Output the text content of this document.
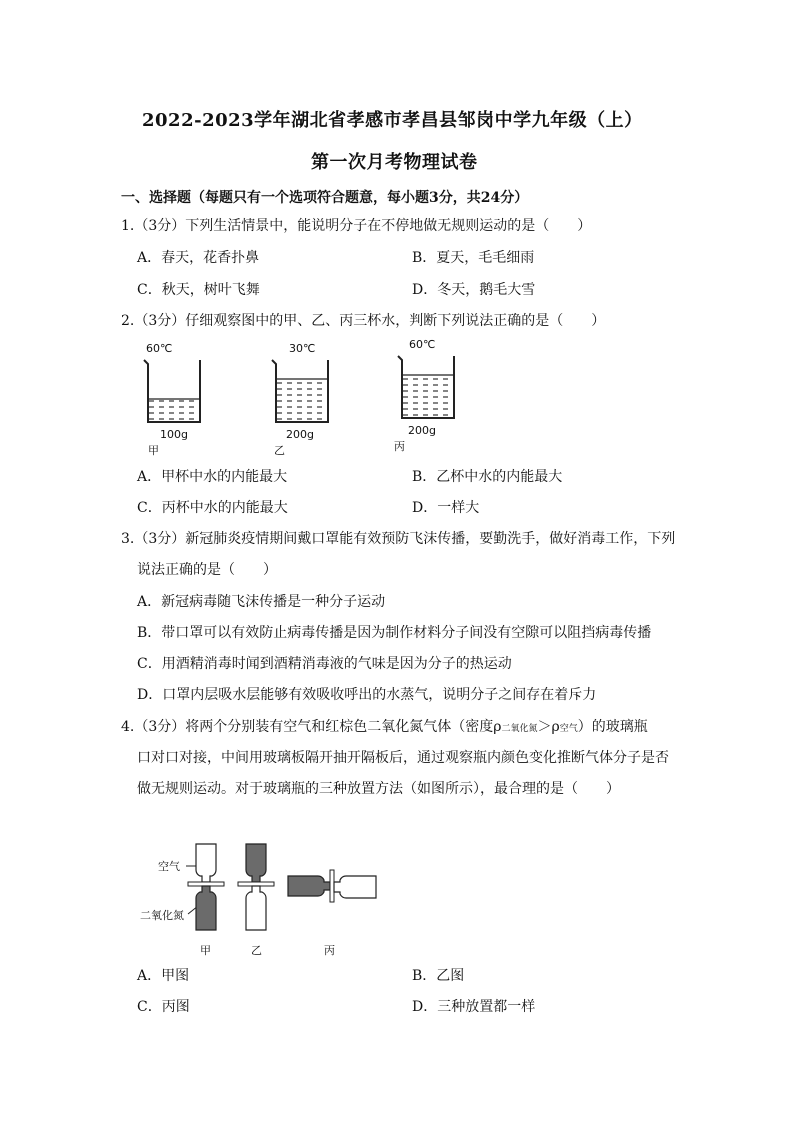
2022-2023学年湖北省孝感市孝昌县邹岗中学九年级（上）
第一次月考物理试卷
一、选择题（每题只有一个选项符合题意，每小题3分，共24分）
1.（3分）下列生活情景中，能说明分子在不停地做无规则运动的是（　　）
A．春天，花香扑鼻	B．夏天，毛毛细雨
C．秋天，树叶飞舞	D．冬天，鹅毛大雪
2.（3分）仔细观察图中的甲、乙、丙三杯水，判断下列说法正确的是（　　）
60℃
100g
甲
30℃
200g
乙
60℃
200g
丙
A．甲杯中水的内能最大	B．乙杯中水的内能最大
C．丙杯中水的内能最大	D．一样大
3.（3分）新冠肺炎疫情期间戴口罩能有效预防飞沫传播，要勤洗手，做好消毒工作，下列
说法正确的是（　　）
A．新冠病毒随飞沫传播是一种分子运动
B．带口罩可以有效防止病毒传播是因为制作材料分子间没有空隙可以阻挡病毒传播
C．用酒精消毒时闻到酒精消毒液的气味是因为分子的热运动
D．口罩内层吸水层能够有效吸收呼出的水蒸气，说明分子之间存在着斥力
4.（3分）将两个分别装有空气和红棕色二氧化氮气体（密度ρ二氧化氮＞ρ空气）的玻璃瓶
口对口对接，中间用玻璃板隔开抽开隔板后，通过观察瓶内颜色变化推断气体分子是否
做无规则运动。对于玻璃瓶的三种放置方法（如图所示），最合理的是（　　）
空气
二氧化氮
甲	乙	丙
A．甲图	B．乙图
C．丙图	D．三种放置都一样
